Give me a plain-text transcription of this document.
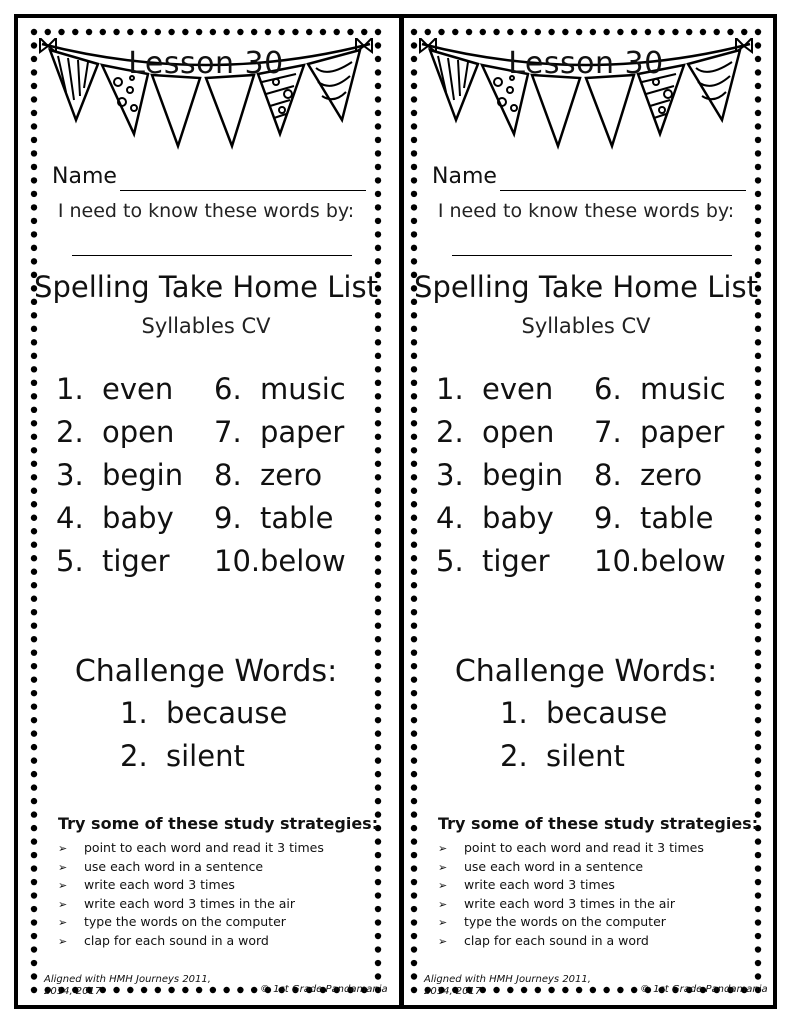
Lesson 30
Name
I need to know these words by:
Spelling Take Home List
Syllables CV
1. even
2. open
3. begin
4. baby
5. tiger
6. music
7. paper
8. zero
9. table
10.below
Challenge Words:
1. because
2. silent
Try some of these study strategies:
➢ point to each word and read it 3 times
➢ use each word in a sentence
➢ write each word 3 times
➢ write each word 3 times in the air
➢ type the words on the computer
➢ clap for each sound in a word
Aligned with HMH Journeys 2011,
2014, 2017	© 1st Grade Pandamania
Lesson 30
Name
I need to know these words by:
Spelling Take Home List
Syllables CV
1. even
2. open
3. begin
4. baby
5. tiger
6. music
7. paper
8. zero
9. table
10.below
Challenge Words:
1. because
2. silent
Try some of these study strategies:
➢ point to each word and read it 3 times
➢ use each word in a sentence
➢ write each word 3 times
➢ write each word 3 times in the air
➢ type the words on the computer
➢ clap for each sound in a word
Aligned with HMH Journeys 2011,
2014, 2017	© 1st Grade Pandamania
